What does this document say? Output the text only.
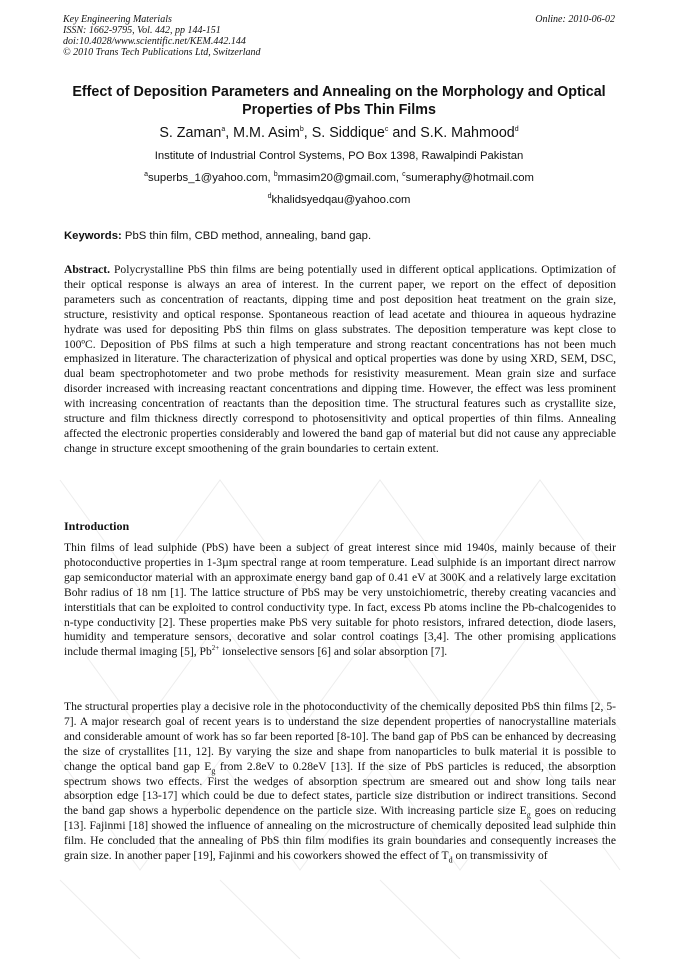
Key Engineering Materials
ISSN: 1662-9795, Vol. 442, pp 144-151
doi:10.4028/www.scientific.net/KEM.442.144
© 2010 Trans Tech Publications Ltd, Switzerland
Online: 2010-06-02
Effect of Deposition Parameters and Annealing on the Morphology and Optical Properties of Pbs Thin Films
S. Zaman$^a$, M.M. Asim$^b$, S. Siddique$^c$ and S.K. Mahmood$^d$
Institute of Industrial Control Systems, PO Box 1398, Rawalpindi Pakistan
$^a$superbs_1@yahoo.com, $^b$mmasim20@gmail.com, $^c$sumeraphy@hotmail.com
$^d$khalidsyedqau@yahoo.com
Keywords: PbS thin film, CBD method, annealing, band gap.
Abstract. Polycrystalline PbS thin films are being potentially used in different optical applications. Optimization of their optical response is always an area of interest. In the current paper, we report on the effect of deposition parameters such as concentration of reactants, dipping time and post deposition heat treatment on the grain size, structure, resistivity and optical response. Spontaneous reaction of lead acetate and thiourea in aqueous hydrazine hydrate was used for depositing PbS thin films on glass substrates. The deposition temperature was kept close to 100ºC. Deposition of PbS films at such a high temperature and strong reactant concentrations has not been much emphasized in literature. The characterization of physical and optical properties was done by using XRD, SEM, DSC, dual beam spectrophotometer and two probe methods for resistivity measurement. Mean grain size and surface disorder increased with increasing reactant concentrations and dipping time. However, the effect was less prominent with increasing concentration of reactants than the deposition time. The structural features such as crystallite size, structure and film thickness directly correspond to photosensitivity and optical properties of thin films. Annealing affected the electronic properties considerably and lowered the band gap of material but did not cause any appreciable change in structure except smoothening of the grain boundaries to certain extent.
Introduction
Thin films of lead sulphide (PbS) have been a subject of great interest since mid 1940s, mainly because of their photoconductive properties in 1-3µm spectral range at room temperature. Lead sulphide is an important direct narrow gap semiconductor material with an approximate energy band gap of 0.41 eV at 300K and a relatively large excitation Bohr radius of 18 nm [1]. The lattice structure of PbS may be very unstoichiometric, thereby creating vacancies and interstitials that can be exploited to control conductivity type. In fact, excess Pb atoms incline the Pb-chalcogenides to n-type conductivity [2]. These properties make PbS very suitable for photo resistors, infrared detection, diode lasers, humidity and temperature sensors, decorative and solar control coatings [3,4]. The other promising applications include thermal imaging [5], $Pb^{2+}$ ionselective sensors [6] and solar absorption [7].
The structural properties play a decisive role in the photoconductivity of the chemically deposited PbS thin films [2, 5-7]. A major research goal of recent years is to understand the size dependent properties of nanocrystalline materials and considerable amount of work has so far been reported [8-10]. The band gap of PbS can be enhanced by decreasing the size of crystallites [11, 12]. By varying the size and shape from nanoparticles to bulk material it is possible to change the optical band gap $E_g$ from 2.8eV to 0.28eV [13]. If the size of PbS particles is reduced, the absorption spectrum shows two effects. First the wedges of absorption spectrum are smeared out and show long tails near absorption edge [13-17] which could be due to defect states, particle size distribution or indirect transitions. Second the band gap shows a hyperbolic dependence on the particle size. With increasing particle size $E_g$ goes on reducing [13]. Fajinmi [18] showed the influence of annealing on the microstructure of chemically deposited lead sulphide thin film. He concluded that the annealing of PbS thin film modifies its grain boundaries and consequently increases the grain size. In another paper [19], Fajinmi and his coworkers showed the effect of $T_d$ on transmissivity of
